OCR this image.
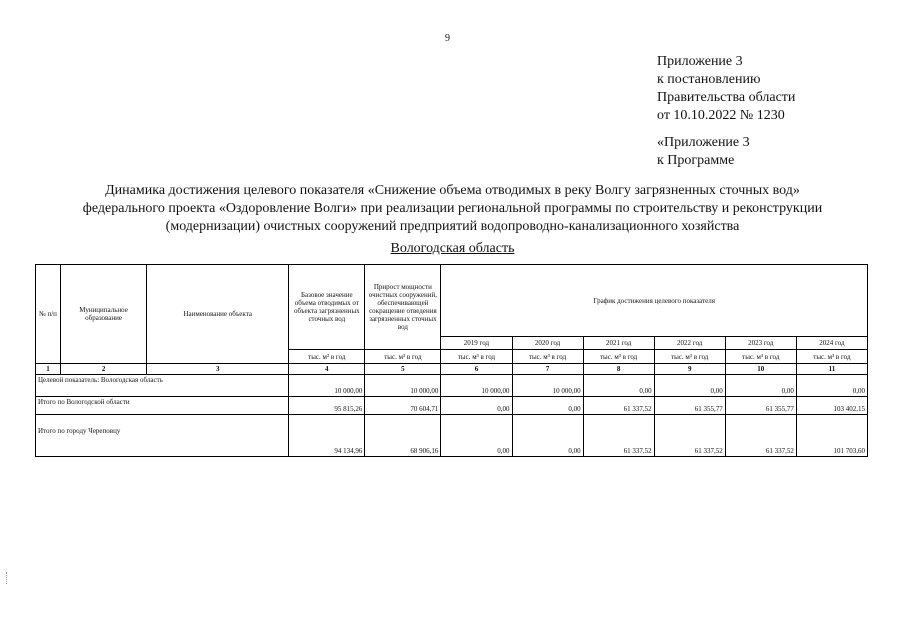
9
Приложение 3
к постановлению
Правительства области
от 10.10.2022 № 1230
«Приложение 3
к Программе
Динамика достижения целевого показателя «Снижение объема отводимых в реку Волгу загрязненных сточных вод»
федерального проекта «Оздоровление Волги» при реализации региональной программы по строительству и реконструкции
(модернизации) очистных сооружений предприятий водопроводно-канализационного хозяйства
Вологодская область
№ п/п	Муниципальное образование	Наименование объекта	Базовое значение объема отводимых от объекта загрязненных сточных вод	Прирост мощности очистных сооружений, обеспечивающей сокращение отведения загрязненных сточных вод	График достижения целевого показателя					
					2019 год	2020 год	2021 год	2022 год	2023 год	2024 год
			тыс. м³ в год	тыс. м³ в год	тыс. м³ в год	тыс. м³ в год	тыс. м³ в год	тыс. м³ в год	тыс. м³ в год	тыс. м³ в год
1	2	3	4	5	6	7	8	9	10	11
Целевой показатель: Вологодская область			10 000,00	10 000,00	10 000,00	10 000,00	0,00	0,00	0,00	0,00
Итого по Вологодской области			95 815,26	70 604,71	0,00	0,00	61 337,52	61 355,77	61 355,77	103 402,15
Итого по городу Череповцу			94 134,96	68 906,16	0,00	0,00	61 337,52	61 337,52	61 337,52	101 703,60
